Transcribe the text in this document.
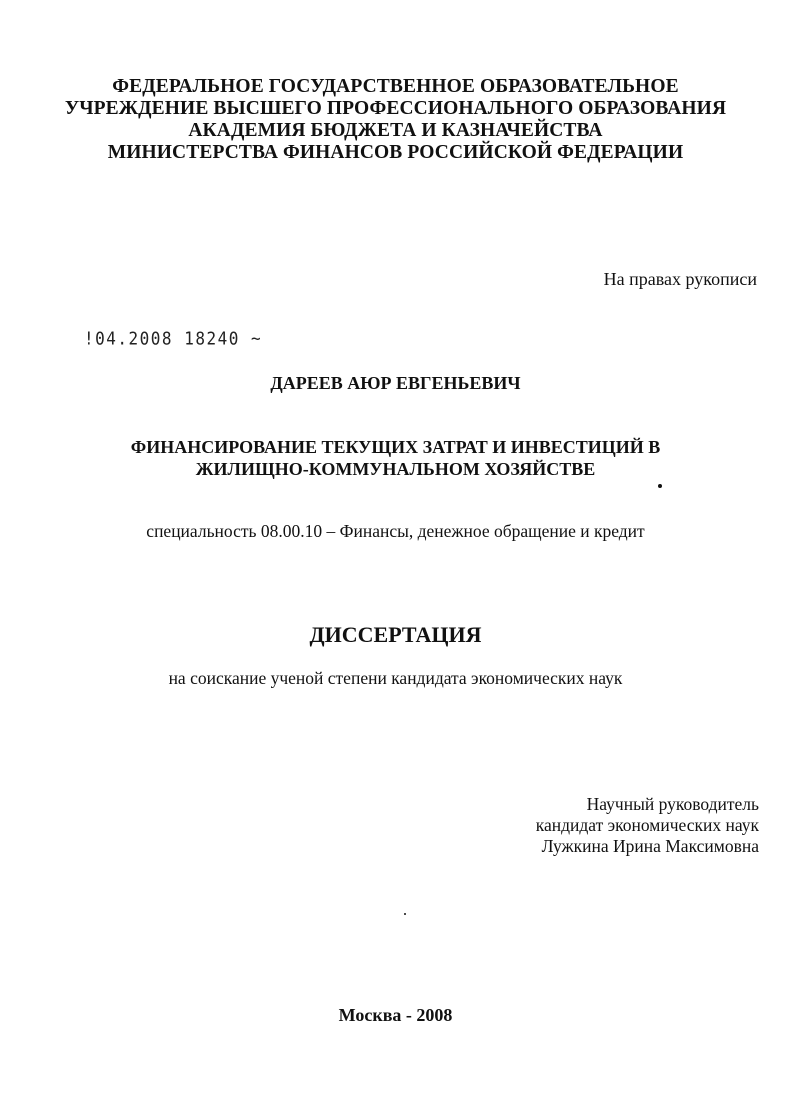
ФЕДЕРАЛЬНОЕ ГОСУДАРСТВЕННОЕ ОБРАЗОВАТЕЛЬНОЕ
УЧРЕЖДЕНИЕ ВЫСШЕГО ПРОФЕССИОНАЛЬНОГО ОБРАЗОВАНИЯ
АКАДЕМИЯ БЮДЖЕТА И КАЗНАЧЕЙСТВА
МИНИСТЕРСТВА ФИНАНСОВ РОССИЙСКОЙ ФЕДЕРАЦИИ
На правах рукописи
!04.2008 18240 ~
ДАРЕЕВ АЮР ЕВГЕНЬЕВИЧ
ФИНАНСИРОВАНИЕ ТЕКУЩИХ ЗАТРАТ И ИНВЕСТИЦИЙ В
ЖИЛИЩНО-КОММУНАЛЬНОМ ХОЗЯЙСТВЕ
специальность 08.00.10 – Финансы, денежное обращение и кредит
ДИССЕРТАЦИЯ
на соискание ученой степени кандидата экономических наук
Научный руководитель
кандидат экономических наук
Лужкина Ирина Максимовна
Москва - 2008
